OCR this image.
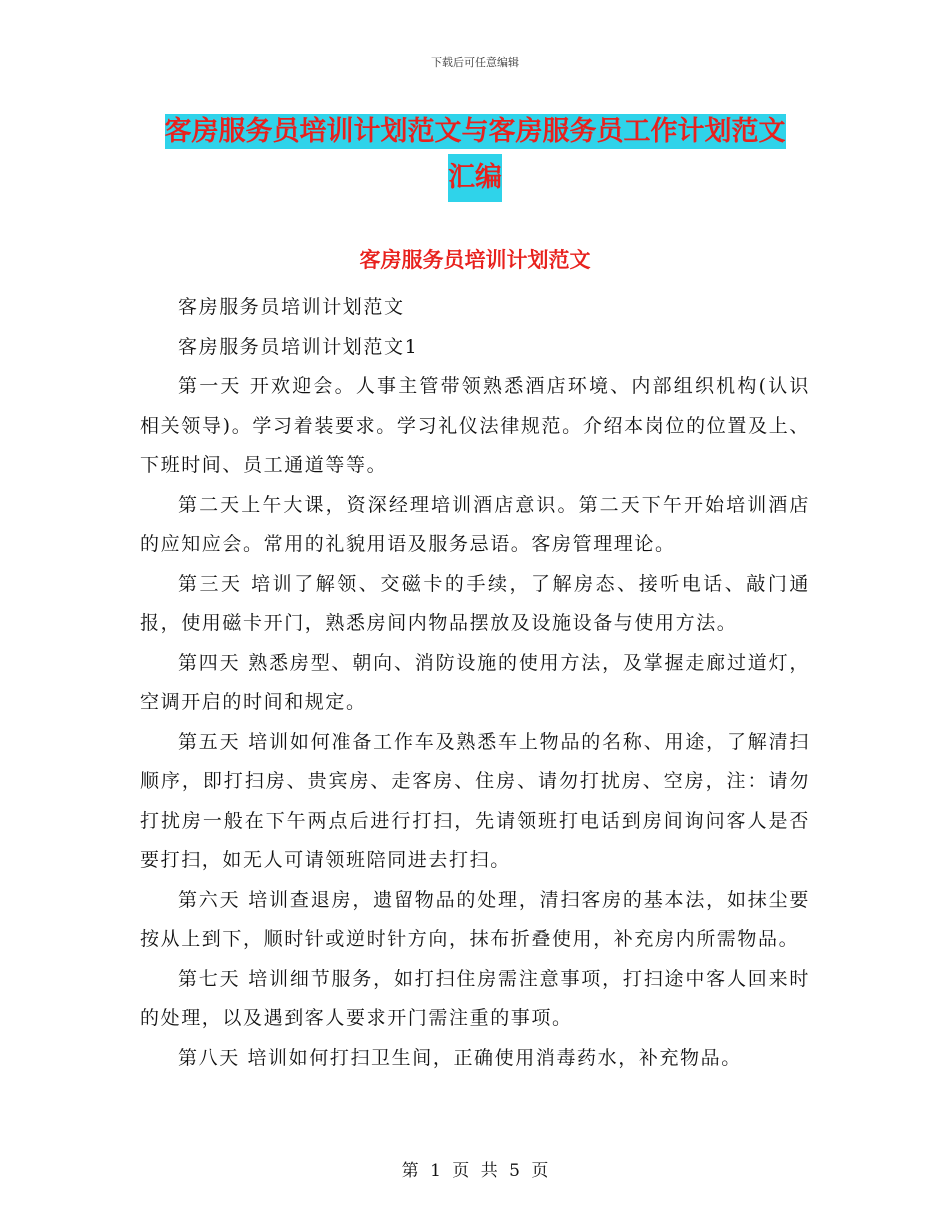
下载后可任意编辑
客房服务员培训计划范文与客房服务员工作计划范文
汇编
客房服务员培训计划范文

客房服务员培训计划范文

客房服务员培训计划范文1

第一天 开欢迎会。人事主管带领熟悉酒店环境、内部组织机构(认识相关领导)。学习着装要求。学习礼仪法律规范。介绍本岗位的位置及上、下班时间、员工通道等等。

第二天上午大课，资深经理培训酒店意识。第二天下午开始培训酒店的应知应会。常用的礼貌用语及服务忌语。客房管理理论。

第三天 培训了解领、交磁卡的手续，了解房态、接听电话、敲门通报，使用磁卡开门，熟悉房间内物品摆放及设施设备与使用方法。

第四天 熟悉房型、朝向、消防设施的使用方法，及掌握走廊过道灯，空调开启的时间和规定。

第五天 培训如何准备工作车及熟悉车上物品的名称、用途，了解清扫顺序，即打扫房、贵宾房、走客房、住房、请勿打扰房、空房，注：请勿打扰房一般在下午两点后进行打扫，先请领班打电话到房间询问客人是否要打扫，如无人可请领班陪同进去打扫。

第六天 培训查退房，遗留物品的处理，清扫客房的基本法，如抹尘要按从上到下，顺时针或逆时针方向，抹布折叠使用，补充房内所需物品。

第七天 培训细节服务，如打扫住房需注意事项，打扫途中客人回来时的处理，以及遇到客人要求开门需注重的事项。

第八天 培训如何打扫卫生间，正确使用消毒药水，补充物品。

第 1 页 共 5 页
